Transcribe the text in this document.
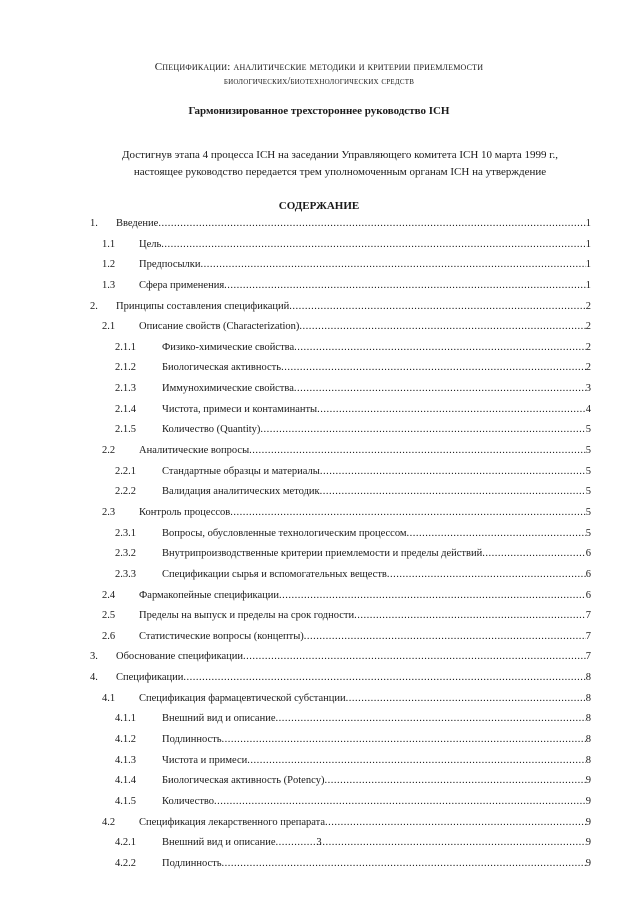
Спецификации: аналитические методики и критерии приемлемости
биологических/биотехнологических средств
Гармонизированное трехстороннее руководство ICH
Достигнув этапа 4 процесса ICH на заседании Управляющего комитета ICH 10 марта 1999 г.,
настоящее руководство передается трем уполномоченным органам ICH на утверждение
СОДЕРЖАНИЕ
1. Введение .....	1
1.1 Цель .....	1
1.2 Предпосылки .....	1
1.3 Сфера применения .....	1
2. Принципы составления спецификаций .....	2
2.1 Описание свойств (Characterization) .....	2
2.1.1 Физико-химические свойства .....	2
2.1.2 Биологическая активность .....	2
2.1.3 Иммунохимические свойства .....	3
2.1.4 Чистота, примеси и контаминанты .....	4
2.1.5 Количество (Quantity) .....	5
2.2 Аналитические вопросы .....	5
2.2.1 Стандартные образцы и материалы .....	5
2.2.2 Валидация аналитических методик .....	5
2.3 Контроль процессов .....	5
2.3.1 Вопросы, обусловленные технологическим процессом .....	5
2.3.2 Внутрипроизводственные критерии приемлемости и пределы действий .....	6
2.3.3 Спецификации сырья и вспомогательных веществ .....	6
2.4 Фармакопейные спецификации .....	6
2.5 Пределы на выпуск и пределы на срок годности .....	7
2.6 Статистические вопросы (концепты) .....	7
3. Обоснование спецификации .....	7
4. Спецификации .....	8
4.1 Спецификация фармацевтической субстанции .....	8
4.1.1 Внешний вид и описание .....	8
4.1.2 Подлинность .....	8
4.1.3 Чистота и примеси .....	8
4.1.4 Биологическая активность (Potency) .....	9
4.1.5 Количество .....	9
4.2 Спецификация лекарственного препарата .....	9
4.2.1 Внешний вид и описание .....	9
4.2.2 Подлинность .....	9
3
